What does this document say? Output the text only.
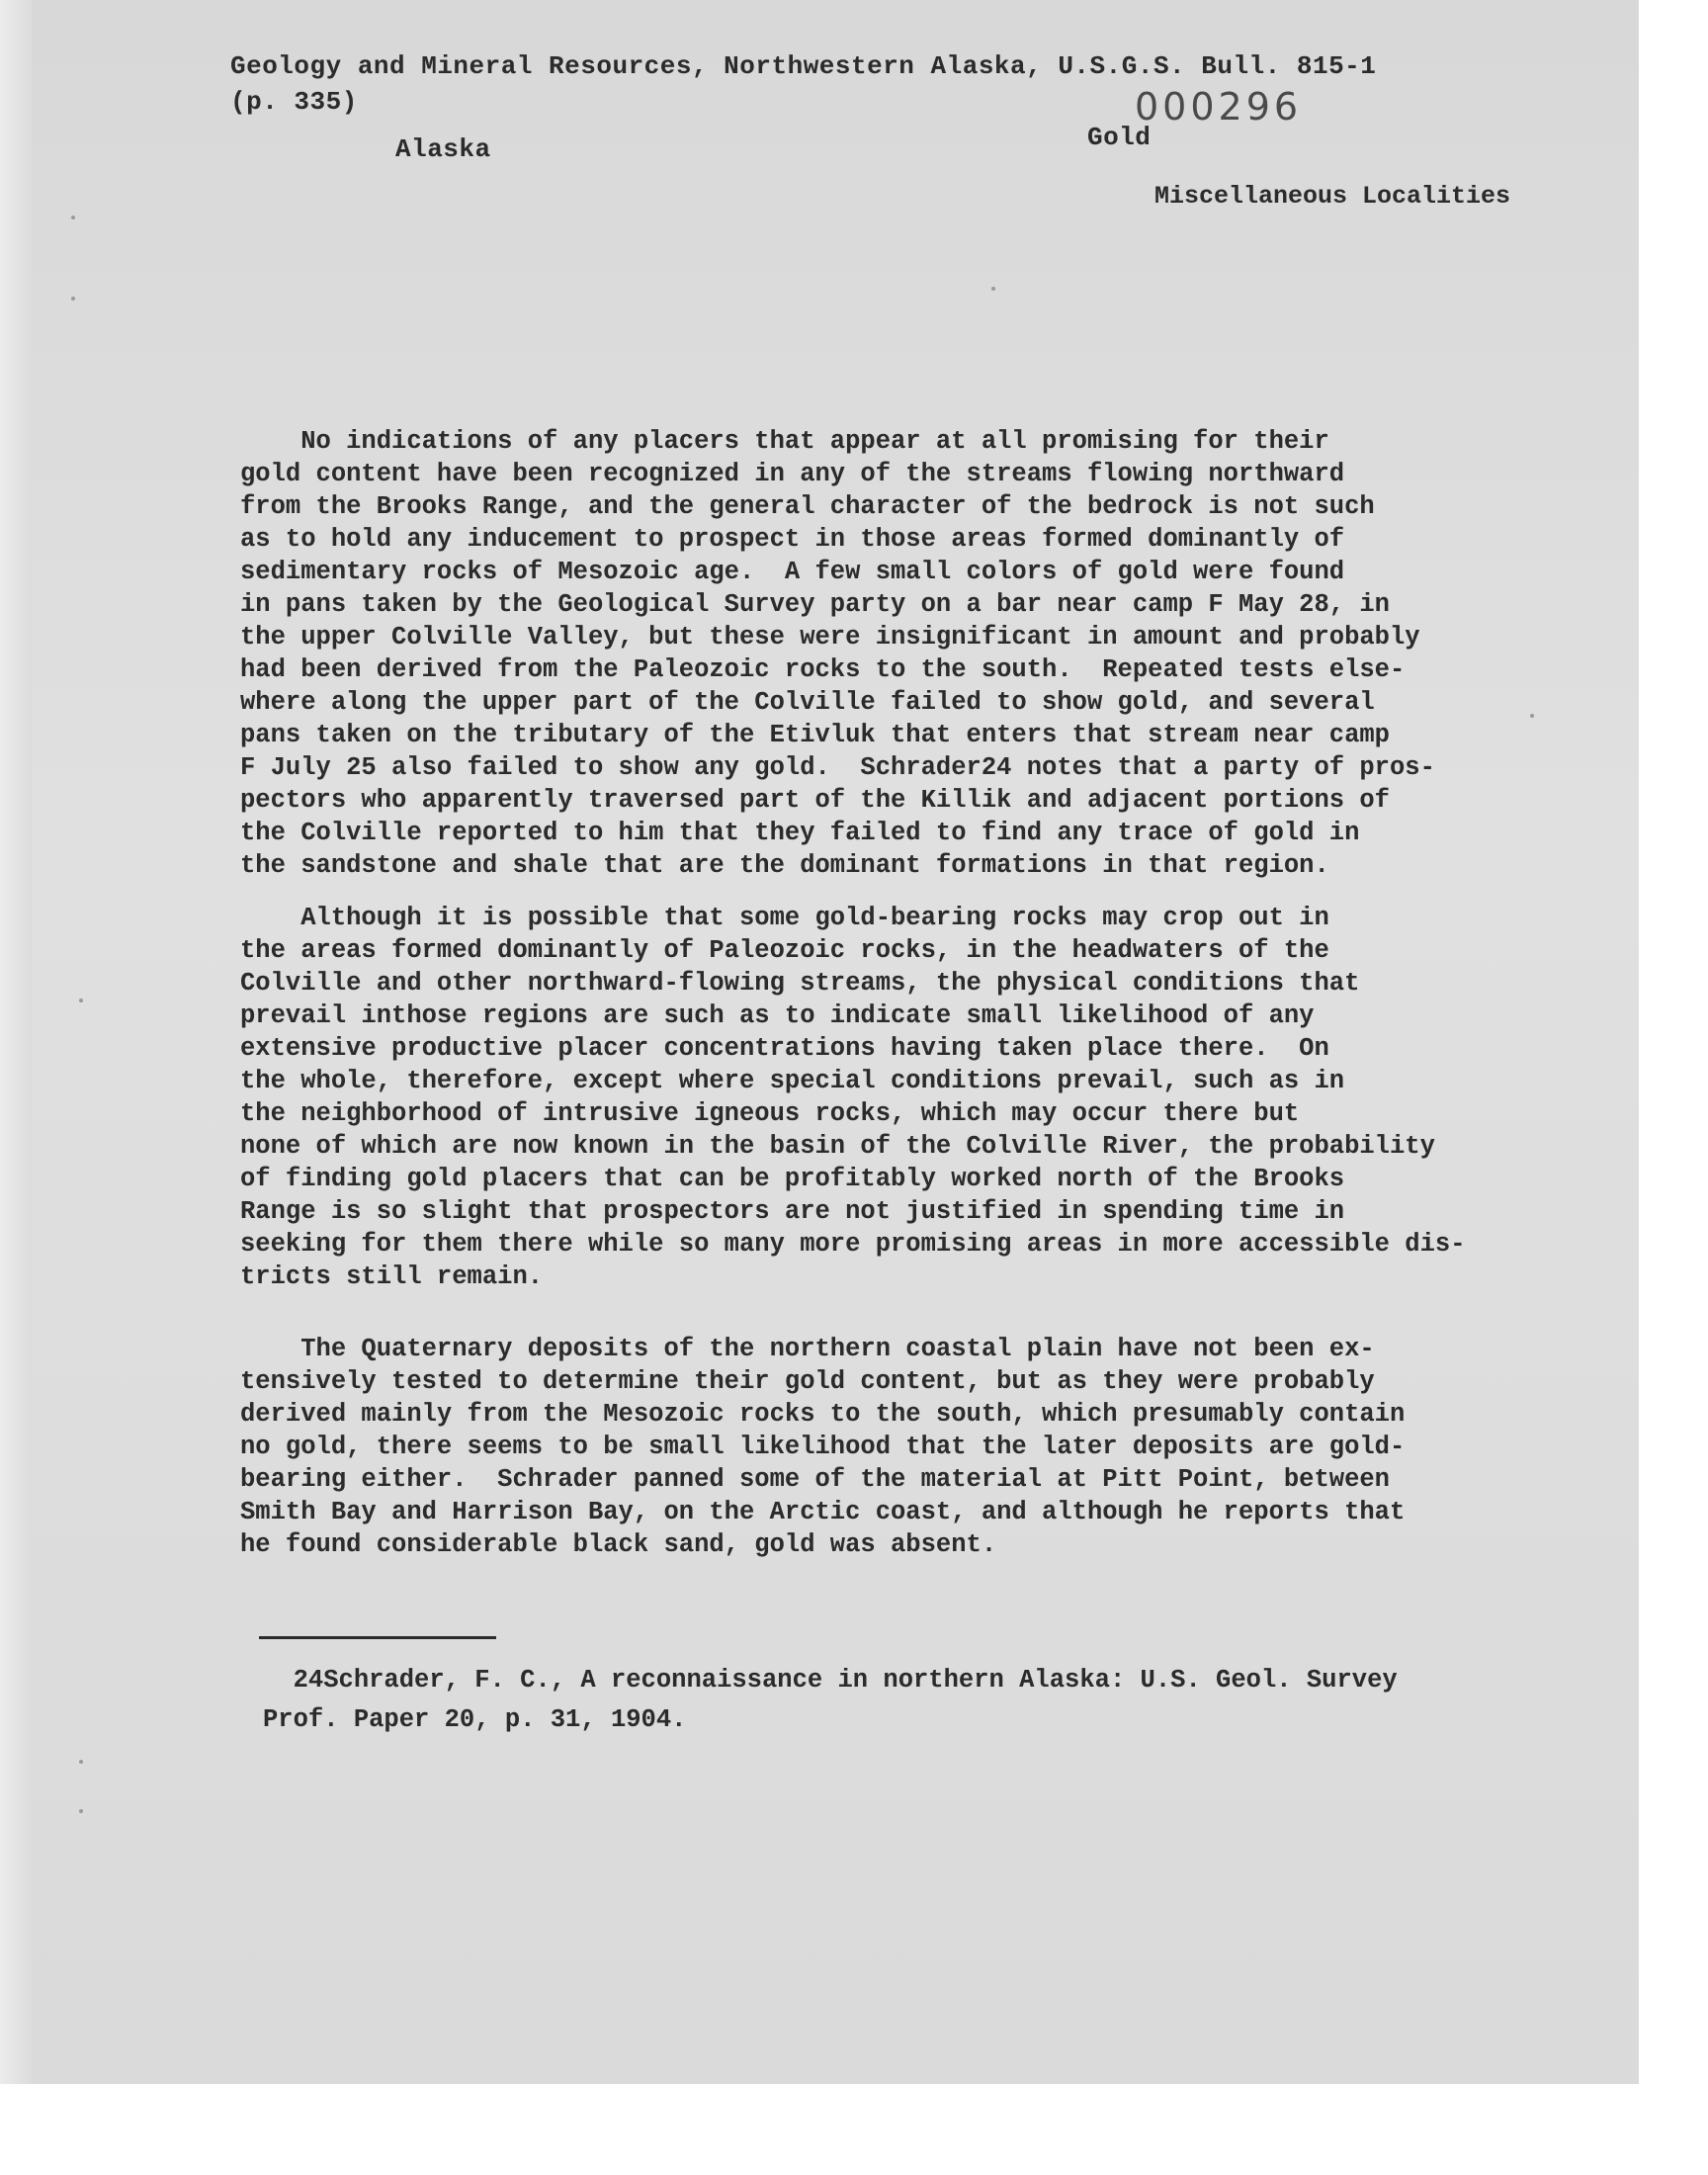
Geology and Mineral Resources, Northwestern Alaska, U.S.G.S. Bull. 815-1
(p. 335)
Alaska	Gold
000296
Miscellaneous Localities
No indications of any placers that appear at all promising for their
gold content have been recognized in any of the streams flowing northward
from the Brooks Range, and the general character of the bedrock is not such
as to hold any inducement to prospect in those areas formed dominantly of
sedimentary rocks of Mesozoic age.  A few small colors of gold were found
in pans taken by the Geological Survey party on a bar near camp F May 28, in
the upper Colville Valley, but these were insignificant in amount and probably
had been derived from the Paleozoic rocks to the south.  Repeated tests else-
where along the upper part of the Colville failed to show gold, and several
pans taken on the tributary of the Etivluk that enters that stream near camp
F July 25 also failed to show any gold.  Schrader24 notes that a party of pros-
pectors who apparently traversed part of the Killik and adjacent portions of
the Colville reported to him that they failed to find any trace of gold in
the sandstone and shale that are the dominant formations in that region.
Although it is possible that some gold-bearing rocks may crop out in
the areas formed dominantly of Paleozoic rocks, in the headwaters of the
Colville and other northward-flowing streams, the physical conditions that
prevail inthose regions are such as to indicate small likelihood of any
extensive productive placer concentrations having taken place there.  On
the whole, therefore, except where special conditions prevail, such as in
the neighborhood of intrusive igneous rocks, which may occur there but
none of which are now known in the basin of the Colville River, the probability
of finding gold placers that can be profitably worked north of the Brooks
Range is so slight that prospectors are not justified in spending time in
seeking for them there while so many more promising areas in more accessible dis-
tricts still remain.
The Quaternary deposits of the northern coastal plain have not been ex-
tensively tested to determine their gold content, but as they were probably
derived mainly from the Mesozoic rocks to the south, which presumably contain
no gold, there seems to be small likelihood that the later deposits are gold-
bearing either.  Schrader panned some of the material at Pitt Point, between
Smith Bay and Harrison Bay, on the Arctic coast, and although he reports that
he found considerable black sand, gold was absent.
24Schrader, F. C., A reconnaissance in northern Alaska: U.S. Geol. Survey
Prof. Paper 20, p. 31, 1904.
